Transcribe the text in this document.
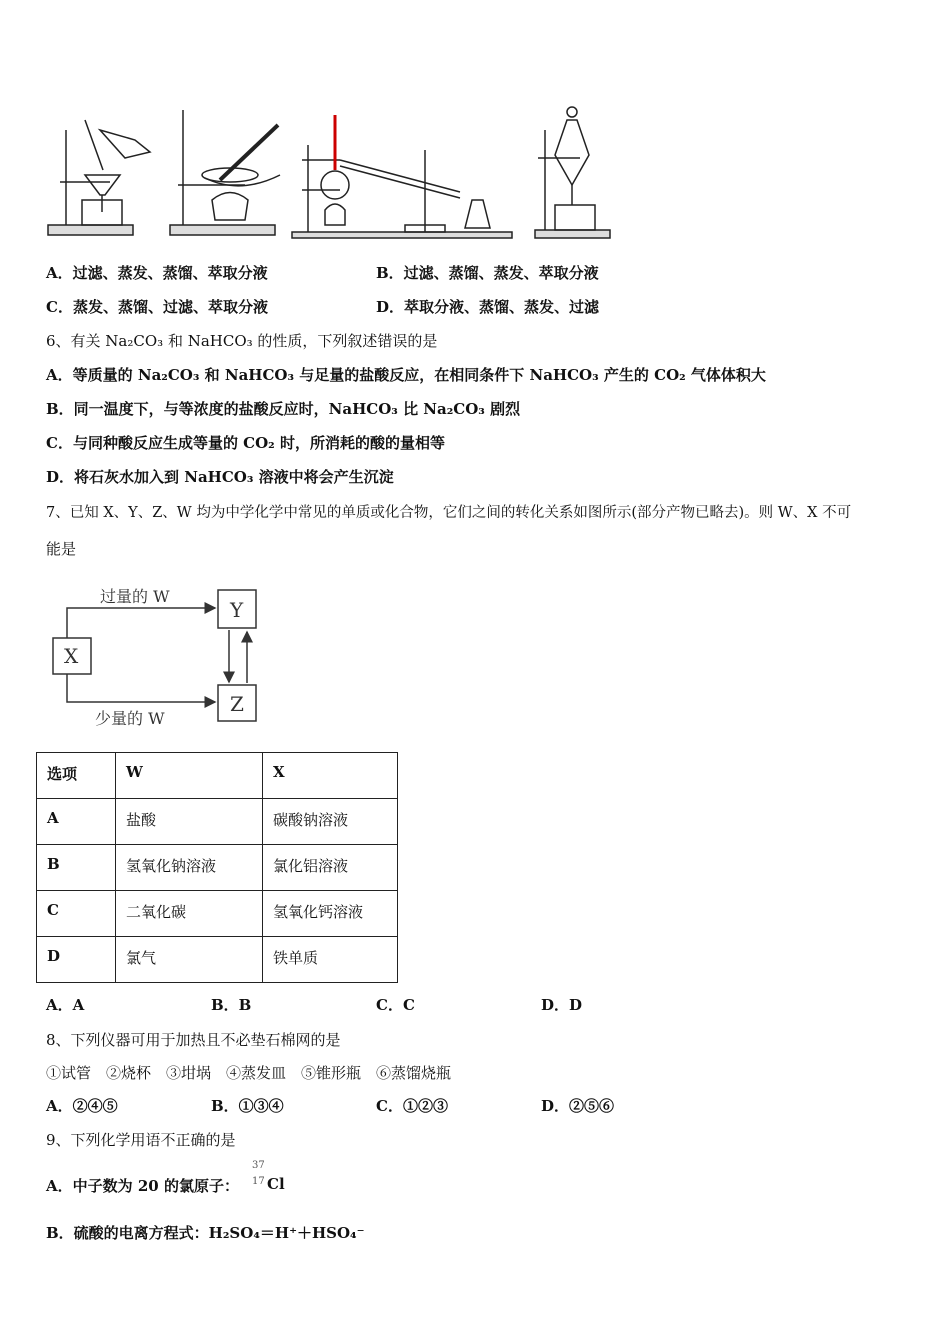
A．过滤、蒸发、蒸馏、萃取分液	B．过滤、蒸馏、蒸发、萃取分液
C．蒸发、蒸馏、过滤、萃取分液	D．萃取分液、蒸馏、蒸发、过滤
6、有关 Na₂CO₃ 和 NaHCO₃ 的性质，下列叙述错误的是
A．等质量的 Na₂CO₃ 和 NaHCO₃ 与足量的盐酸反应，在相同条件下 NaHCO₃ 产生的 CO₂ 气体体积大
B．同一温度下，与等浓度的盐酸反应时，NaHCO₃ 比 Na₂CO₃ 剧烈
C．与同种酸反应生成等量的 CO₂ 时，所消耗的酸的量相等
D．将石灰水加入到 NaHCO₃ 溶液中将会产生沉淀
7、已知 X、Y、Z、W 均为中学化学中常见的单质或化合物，它们之间的转化关系如图所示(部分产物已略去)。则 W、X 不可
能是
X
Y
Z
过量的 W
少量的 W
选项	W	X
A	盐酸	碳酸钠溶液
B	氢氧化钠溶液	氯化铝溶液
C	二氧化碳	氢氧化钙溶液
D	氯气	铁单质
A．A	B．B	C．C	D．D
8、下列仪器可用于加热且不必垫石棉网的是
①试管　②烧杯　③坩埚　④蒸发皿　⑤锥形瓶　⑥蒸馏烧瓶
A．②④⑤	B．①③④	C．①②③	D．②⑤⑥
9、下列化学用语不正确的是
A．中子数为 20 的氯原子：
37
17 Cl
B．硫酸的电离方程式：H₂SO₄＝H⁺＋HSO₄⁻
